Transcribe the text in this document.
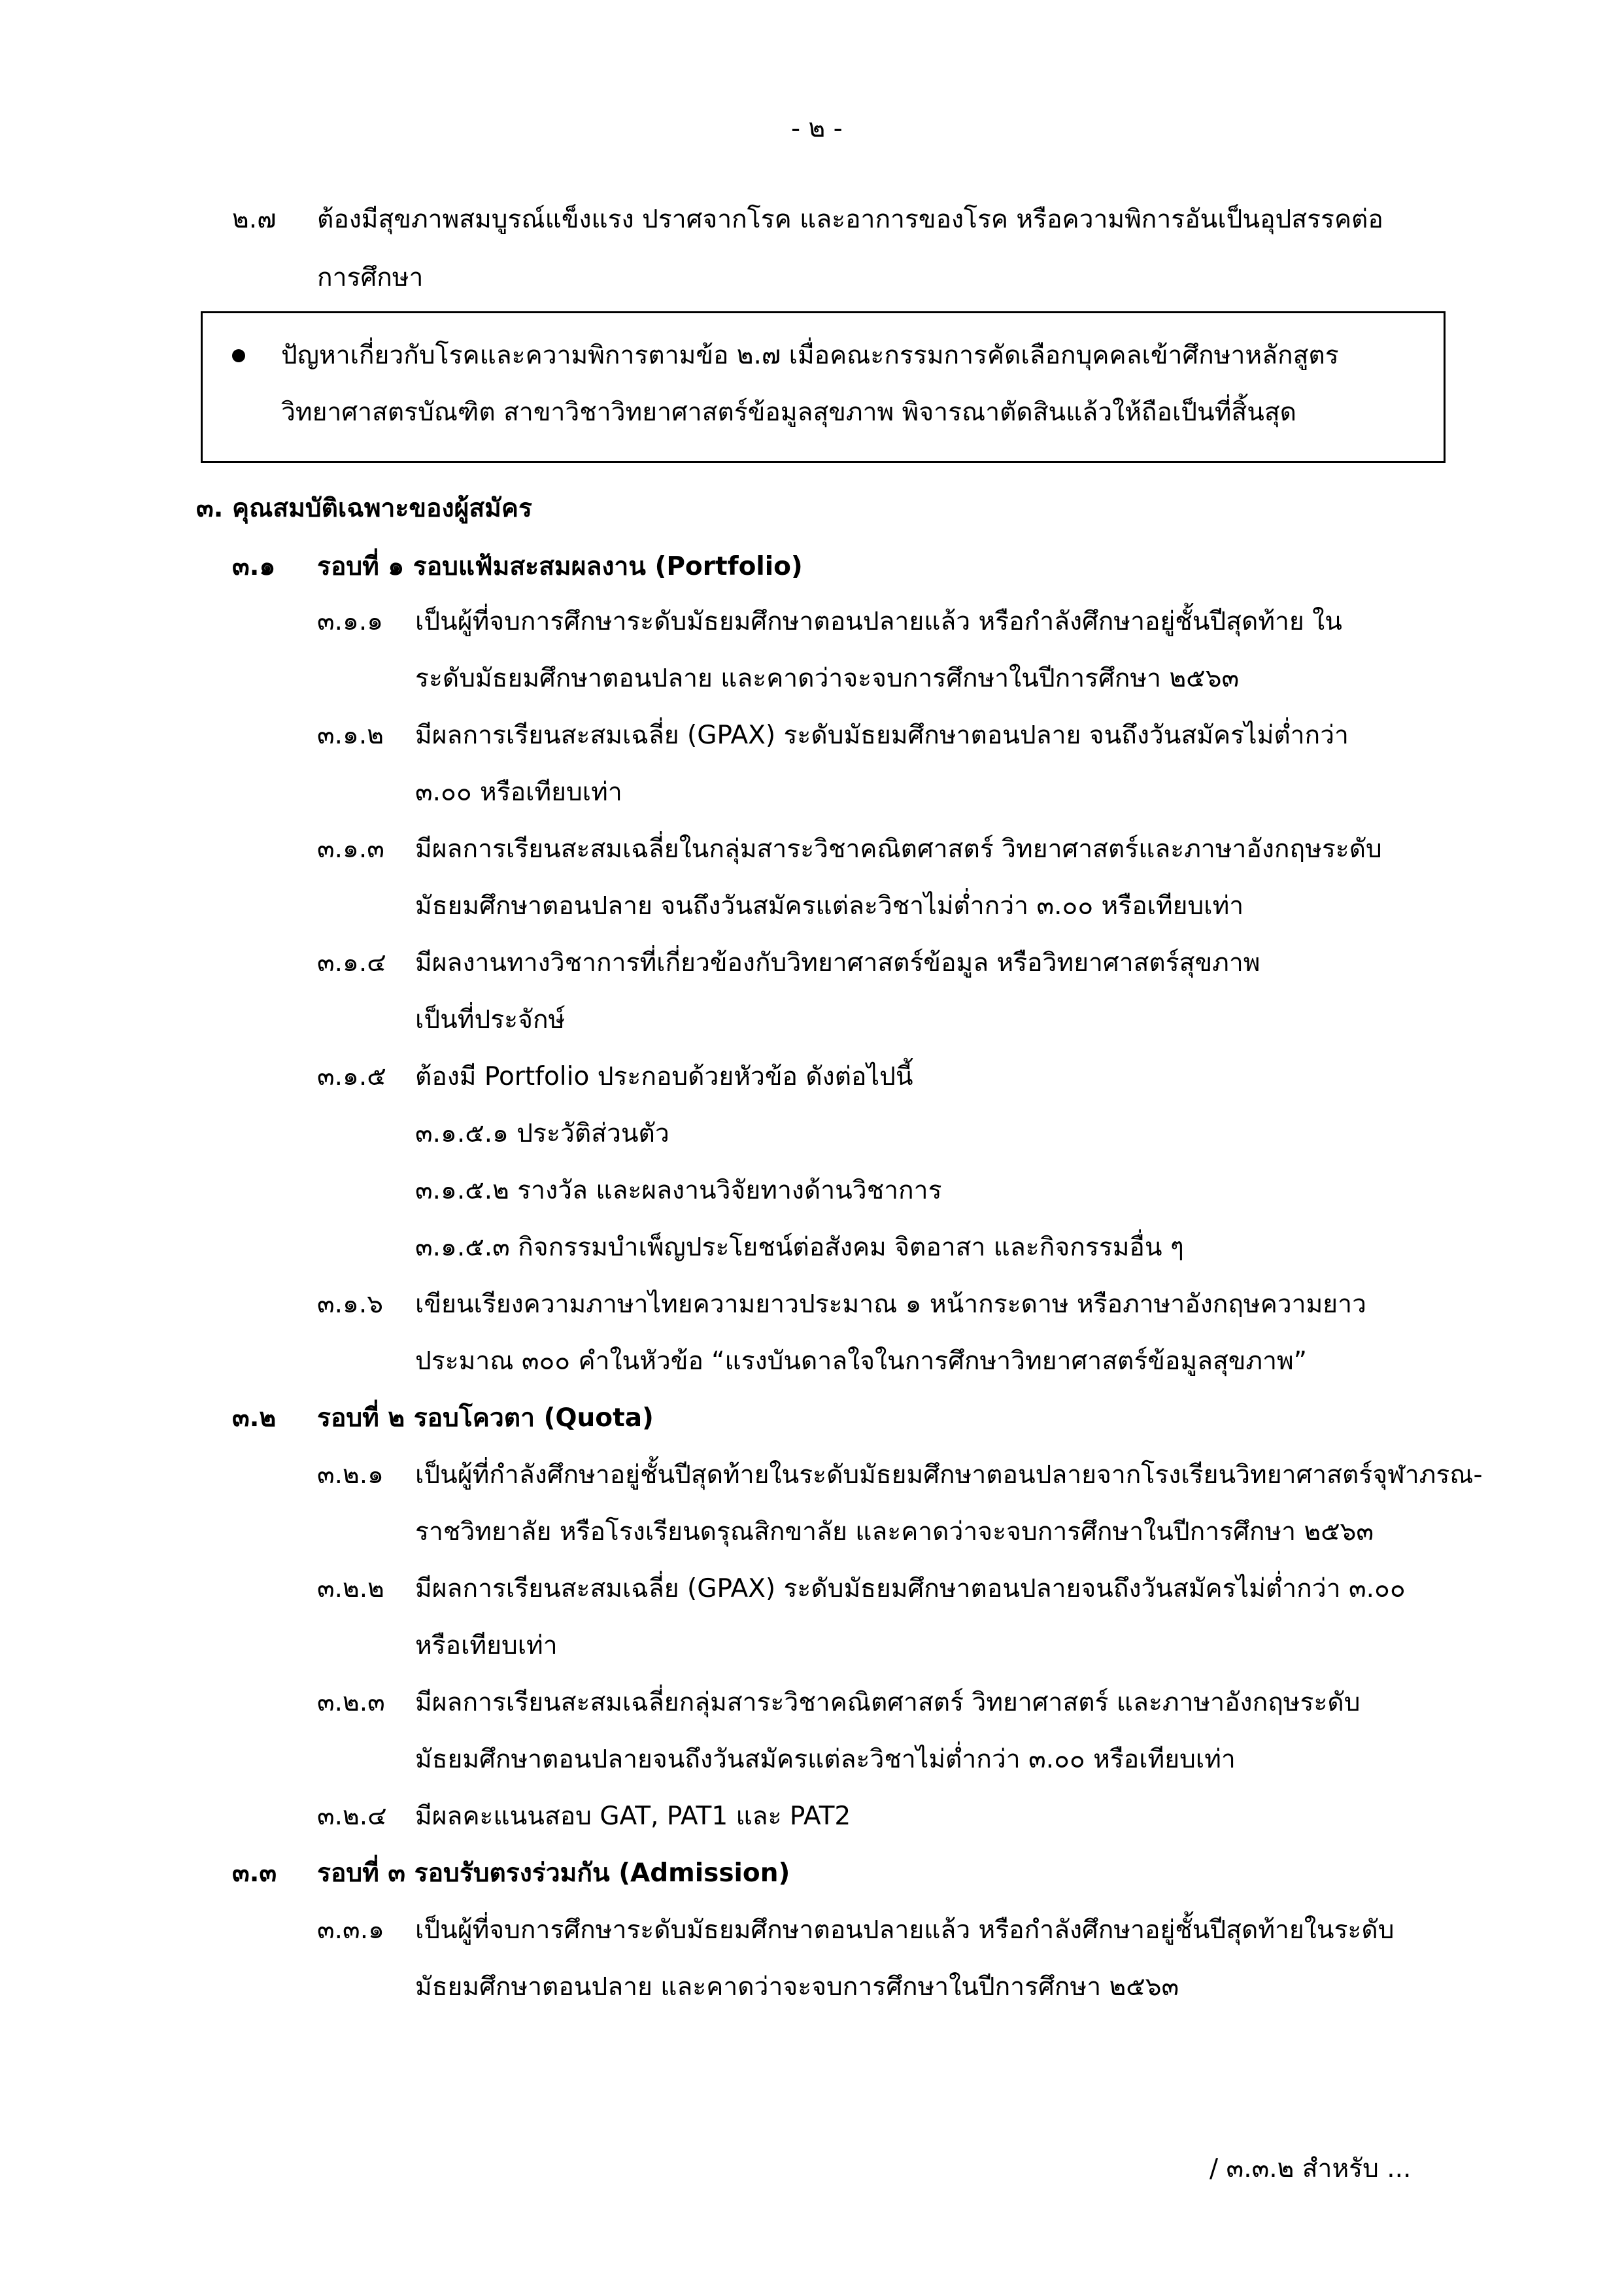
- ๒ -
๒.๗ ต้องมีสุขภาพสมบูรณ์แข็งแรง ปราศจากโรค และอาการของโรค หรือความพิการอันเป็นอุปสรรคต่อ
การศึกษา
ปัญหาเกี่ยวกับโรคและความพิการตามข้อ ๒.๗ เมื่อคณะกรรมการคัดเลือกบุคคลเข้าศึกษาหลักสูตร
วิทยาศาสตรบัณฑิต สาขาวิชาวิทยาศาสตร์ข้อมูลสุขภาพ พิจารณาตัดสินแล้วให้ถือเป็นที่สิ้นสุด
๓. คุณสมบัติเฉพาะของผู้สมัคร
๓.๑ รอบที่ ๑ รอบแฟ้มสะสมผลงาน (Portfolio)
๓.๑.๑ เป็นผู้ที่จบการศึกษาระดับมัธยมศึกษาตอนปลายแล้ว หรือกำลังศึกษาอยู่ชั้นปีสุดท้าย ใน
ระดับมัธยมศึกษาตอนปลาย และคาดว่าจะจบการศึกษาในปีการศึกษา ๒๕๖๓
๓.๑.๒ มีผลการเรียนสะสมเฉลี่ย (GPAX) ระดับมัธยมศึกษาตอนปลาย จนถึงวันสมัครไม่ต่ำกว่า
๓.๐๐ หรือเทียบเท่า
๓.๑.๓ มีผลการเรียนสะสมเฉลี่ยในกลุ่มสาระวิชาคณิตศาสตร์ วิทยาศาสตร์และภาษาอังกฤษระดับ
มัธยมศึกษาตอนปลาย จนถึงวันสมัครแต่ละวิชาไม่ต่ำกว่า ๓.๐๐ หรือเทียบเท่า
๓.๑.๔ มีผลงานทางวิชาการที่เกี่ยวข้องกับวิทยาศาสตร์ข้อมูล หรือวิทยาศาสตร์สุขภาพ
เป็นที่ประจักษ์
๓.๑.๕ ต้องมี Portfolio ประกอบด้วยหัวข้อ ดังต่อไปนี้
๓.๑.๕.๑ ประวัติส่วนตัว
๓.๑.๕.๒ รางวัล และผลงานวิจัยทางด้านวิชาการ
๓.๑.๕.๓ กิจกรรมบำเพ็ญประโยชน์ต่อสังคม จิตอาสา และกิจกรรมอื่น ๆ
๓.๑.๖ เขียนเรียงความภาษาไทยความยาวประมาณ ๑ หน้ากระดาษ หรือภาษาอังกฤษความยาว
ประมาณ ๓๐๐ คำในหัวข้อ “แรงบันดาลใจในการศึกษาวิทยาศาสตร์ข้อมูลสุขภาพ”
๓.๒ รอบที่ ๒ รอบโควตา (Quota)
๓.๒.๑ เป็นผู้ที่กำลังศึกษาอยู่ชั้นปีสุดท้ายในระดับมัธยมศึกษาตอนปลายจากโรงเรียนวิทยาศาสตร์จุฬาภรณ-
ราชวิทยาลัย หรือโรงเรียนดรุณสิกขาลัย และคาดว่าจะจบการศึกษาในปีการศึกษา ๒๕๖๓
๓.๒.๒ มีผลการเรียนสะสมเฉลี่ย (GPAX) ระดับมัธยมศึกษาตอนปลายจนถึงวันสมัครไม่ต่ำกว่า ๓.๐๐
หรือเทียบเท่า
๓.๒.๓ มีผลการเรียนสะสมเฉลี่ยกลุ่มสาระวิชาคณิตศาสตร์ วิทยาศาสตร์ และภาษาอังกฤษระดับ
มัธยมศึกษาตอนปลายจนถึงวันสมัครแต่ละวิชาไม่ต่ำกว่า ๓.๐๐ หรือเทียบเท่า
๓.๒.๔ มีผลคะแนนสอบ GAT, PAT1 และ PAT2
๓.๓ รอบที่ ๓ รอบรับตรงร่วมกัน (Admission)
๓.๓.๑ เป็นผู้ที่จบการศึกษาระดับมัธยมศึกษาตอนปลายแล้ว หรือกำลังศึกษาอยู่ชั้นปีสุดท้ายในระดับ
มัธยมศึกษาตอนปลาย และคาดว่าจะจบการศึกษาในปีการศึกษา ๒๕๖๓
/ ๓.๓.๒ สำหรับ ...
